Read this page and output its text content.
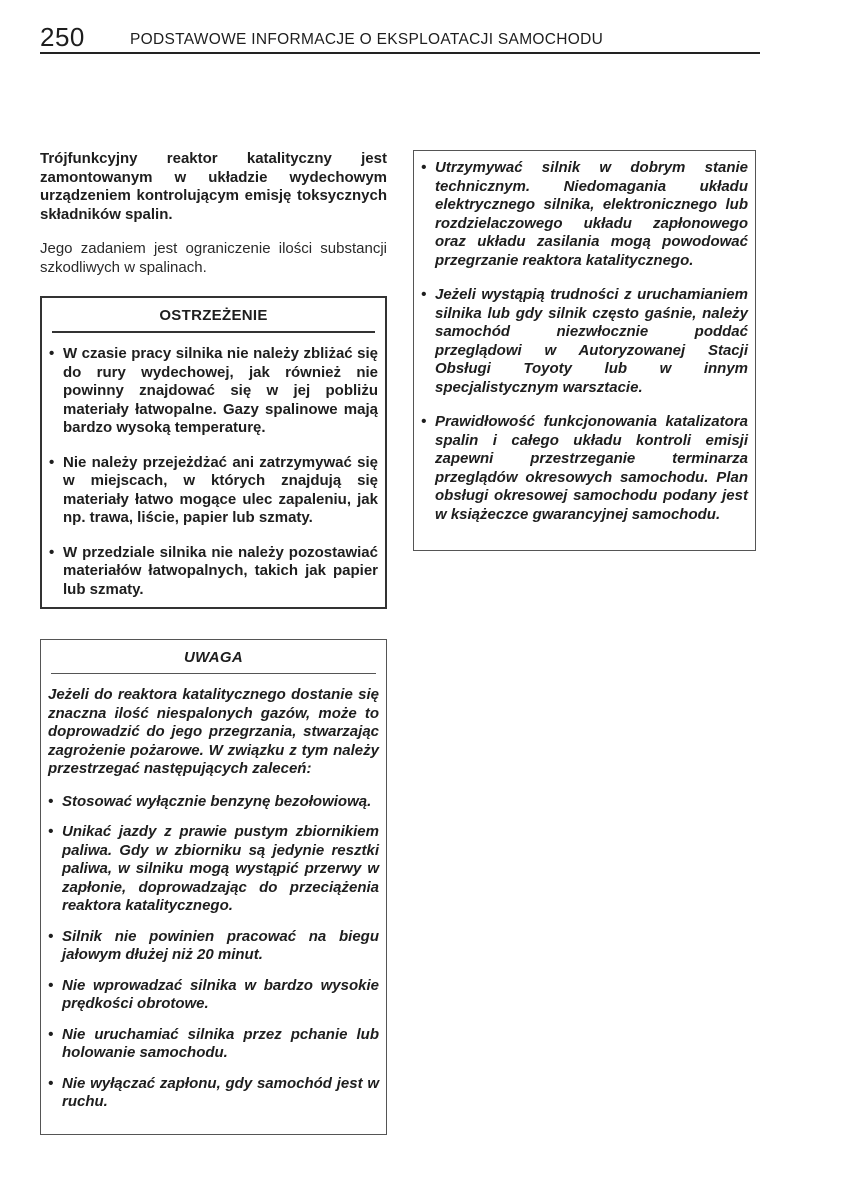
250	PODSTAWOWE INFORMACJE O EKSPLOATACJI SAMOCHODU

Trójfunkcyjny reaktor katalityczny jest zamontowanym w układzie wydechowym urządzeniem kontrolującym emisję toksycznych składników spalin.

Jego zadaniem jest ograniczenie ilości substancji szkodliwych w spalinach.

OSTRZEŻENIE
• W czasie pracy silnika nie należy zbliżać się do rury wydechowej, jak również nie powinny znajdować się w jej pobliżu materiały łatwopalne. Gazy spalinowe mają bardzo wysoką temperaturę.
• Nie należy przejeżdżać ani zatrzymywać się w miejscach, w których znajdują się materiały łatwo mogące ulec zapaleniu, jak np. trawa, liście, papier lub szmaty.
• W przedziale silnika nie należy pozostawiać materiałów łatwopalnych, takich jak papier lub szmaty.
UWAGA

Jeżeli do reaktora katalitycznego dostanie się znaczna ilość niespalonych gazów, może to doprowadzić do jego przegrzania, stwarzając zagrożenie pożarowe. W związku z tym należy przestrzegać następujących zaleceń:

• Stosować wyłącznie benzynę bezołowiową.
• Unikać jazdy z prawie pustym zbiornikiem paliwa. Gdy w zbiorniku są jedynie resztki paliwa, w silniku mogą wystąpić przerwy w zapłonie, doprowadzając do przeciążenia reaktora katalitycznego.
• Silnik nie powinien pracować na biegu jałowym dłużej niż 20 minut.
• Nie wprowadzać silnika w bardzo wysokie prędkości obrotowe.
• Nie uruchamiać silnika przez pchanie lub holowanie samochodu.
• Nie wyłączać zapłonu, gdy samochód jest w ruchu.
• Utrzymywać silnik w dobrym stanie technicznym. Niedomagania układu elektrycznego silnika, elektronicznego lub rozdzielaczowego układu zapłonowego oraz układu zasilania mogą powodować przegrzanie reaktora katalitycznego.
• Jeżeli wystąpią trudności z uruchamianiem silnika lub gdy silnik często gaśnie, należy samochód niezwłocznie poddać przeglądowi w Autoryzowanej Stacji Obsługi Toyoty lub w innym specjalistycznym warsztacie.
• Prawidłowość funkcjonowania katalizatora spalin i całego układu kontroli emisji zapewni przestrzeganie terminarza przeglądów okresowych samochodu. Plan obsługi okresowej samochodu podany jest w książeczce gwarancyjnej samochodu.
